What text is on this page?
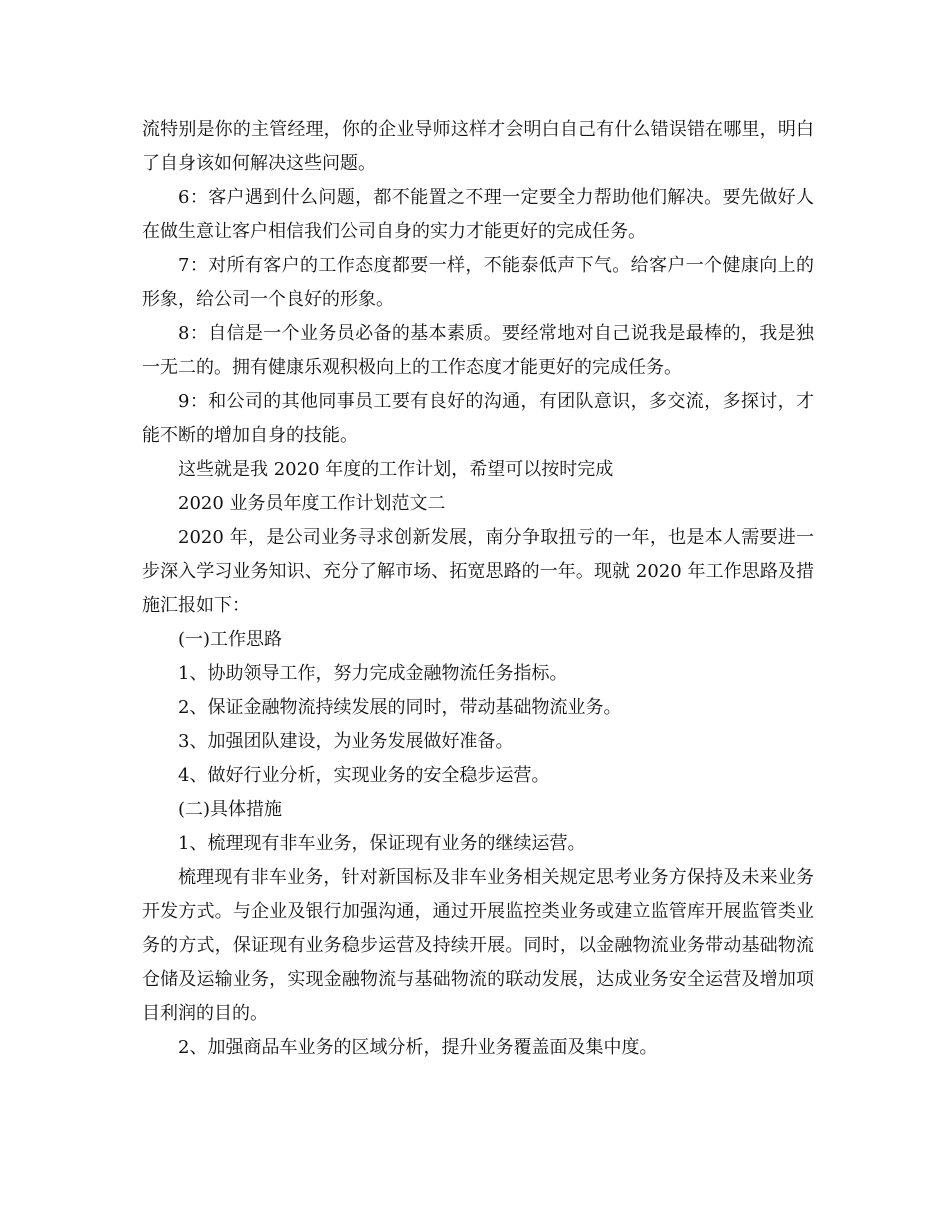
流特别是你的主管经理，你的企业导师这样才会明白自己有什么错误错在哪里，明白了自身该如何解决这些问题。

6：客户遇到什么问题，都不能置之不理一定要全力帮助他们解决。要先做好人在做生意让客户相信我们公司自身的实力才能更好的完成任务。

7：对所有客户的工作态度都要一样，不能泰低声下气。给客户一个健康向上的形象，给公司一个良好的形象。

8：自信是一个业务员必备的基本素质。要经常地对自己说我是最棒的，我是独一无二的。拥有健康乐观积极向上的工作态度才能更好的完成任务。

9：和公司的其他同事员工要有良好的沟通，有团队意识，多交流，多探讨，才能不断的增加自身的技能。

这些就是我 2020 年度的工作计划，希望可以按时完成

2020 业务员年度工作计划范文二

2020 年，是公司业务寻求创新发展，南分争取扭亏的一年，也是本人需要进一步深入学习业务知识、充分了解市场、拓宽思路的一年。现就 2020 年工作思路及措施汇报如下：

(一)工作思路

1、协助领导工作，努力完成金融物流任务指标。

2、保证金融物流持续发展的同时，带动基础物流业务。

3、加强团队建设，为业务发展做好准备。

4、做好行业分析，实现业务的安全稳步运营。

(二)具体措施

1、梳理现有非车业务，保证现有业务的继续运营。

梳理现有非车业务，针对新国标及非车业务相关规定思考业务方保持及未来业务开发方式。与企业及银行加强沟通，通过开展监控类业务或建立监管库开展监管类业务的方式，保证现有业务稳步运营及持续开展。同时，以金融物流业务带动基础物流仓储及运输业务，实现金融物流与基础物流的联动发展，达成业务安全运营及增加项目利润的目的。

2、加强商品车业务的区域分析，提升业务覆盖面及集中度。
